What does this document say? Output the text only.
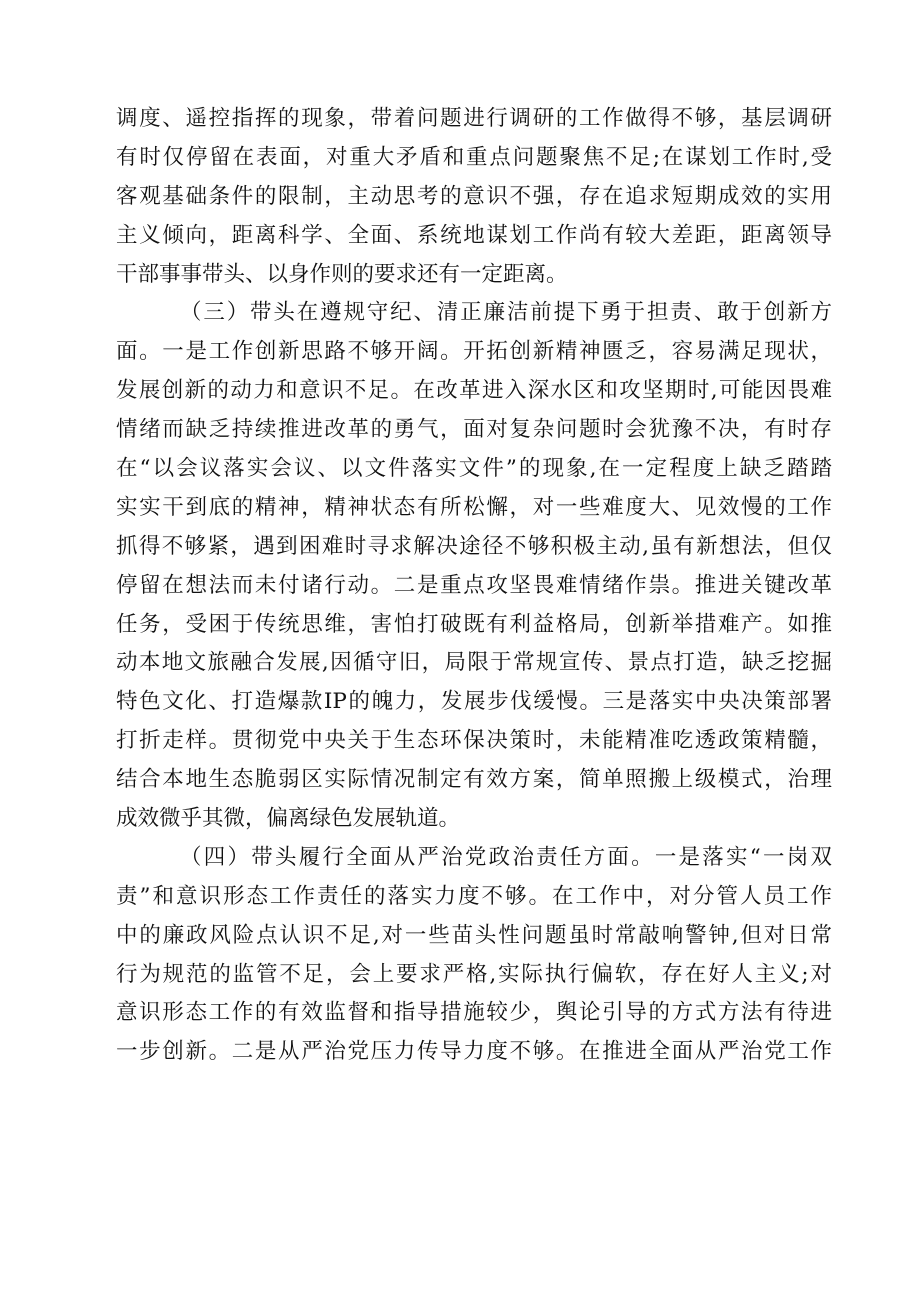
调度、遥控指挥的现象，带着问题进行调研的工作做得不够，基层调研
有时仅停留在表面，对重大矛盾和重点问题聚焦不足;在谋划工作时,受
客观基础条件的限制，主动思考的意识不强，存在追求短期成效的实用
主义倾向，距离科学、全面、系统地谋划工作尚有较大差距，距离领导
干部事事带头、以身作则的要求还有一定距离。
（三）带头在遵规守纪、清正廉洁前提下勇于担责、敢于创新方
面。一是工作创新思路不够开阔。开拓创新精神匮乏，容易满足现状，
发展创新的动力和意识不足。在改革进入深水区和攻坚期时,可能因畏难
情绪而缺乏持续推进改革的勇气，面对复杂问题时会犹豫不决，有时存
在“以会议落实会议、以文件落实文件”的现象,在一定程度上缺乏踏踏
实实干到底的精神，精神状态有所松懈，对一些难度大、见效慢的工作
抓得不够紧，遇到困难时寻求解决途径不够积极主动,虽有新想法，但仅
停留在想法而未付诸行动。二是重点攻坚畏难情绪作祟。推进关键改革
任务，受困于传统思维，害怕打破既有利益格局，创新举措难产。如推
动本地文旅融合发展,因循守旧，局限于常规宣传、景点打造，缺乏挖掘
特色文化、打造爆款IP的魄力，发展步伐缓慢。三是落实中央决策部署
打折走样。贯彻党中央关于生态环保决策时，未能精准吃透政策精髓，
结合本地生态脆弱区实际情况制定有效方案，简单照搬上级模式，治理
成效微乎其微，偏离绿色发展轨道。
（四）带头履行全面从严治党政治责任方面。一是落实“一岗双
责”和意识形态工作责任的落实力度不够。在工作中，对分管人员工作
中的廉政风险点认识不足,对一些苗头性问题虽时常敲响警钟,但对日常
行为规范的监管不足，会上要求严格,实际执行偏软，存在好人主义;对
意识形态工作的有效监督和指导措施较少，舆论引导的方式方法有待进
一步创新。二是从严治党压力传导力度不够。在推进全面从严治党工作
